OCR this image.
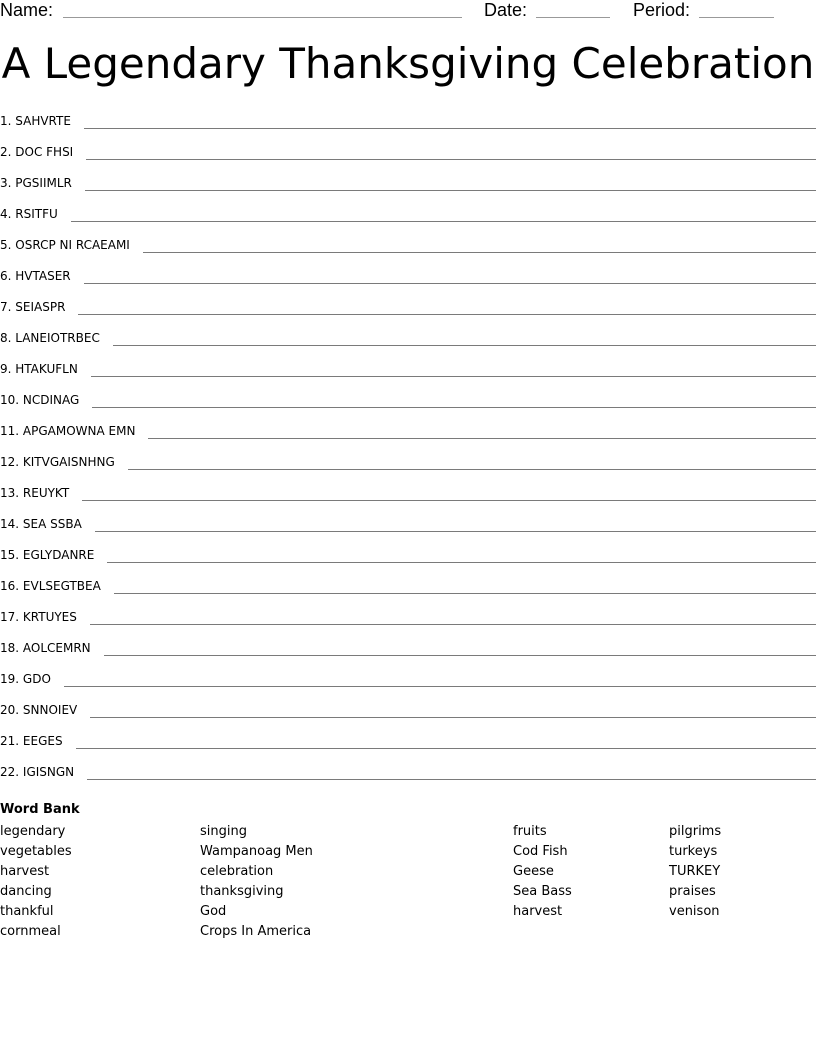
Name:	Date:	Period:
A Legendary Thanksgiving Celebration
1. SAHVRTE
2. DOC FHSI
3. PGSIIMLR
4. RSITFU
5. OSRCP NI RCAEAMI
6. HVTASER
7. SEIASPR
8. LANEIOTRBEC
9. HTAKUFLN
10. NCDINAG
11. APGAMOWNA EMN
12. KITVGAISNHNG
13. REUYKT
14. SEA SSBA
15. EGLYDANRE
16. EVLSEGTBEA
17. KRTUYES
18. AOLCEMRN
19. GDO
20. SNNOIEV
21. EEGES
22. IGISNGN
Word Bank
legendary
vegetables
harvest
dancing
thankful
cornmeal
singing
Wampanoag Men
celebration
thanksgiving
God
Crops In America
fruits
Cod Fish
Geese
Sea Bass
harvest
pilgrims
turkeys
TURKEY
praises
venison
